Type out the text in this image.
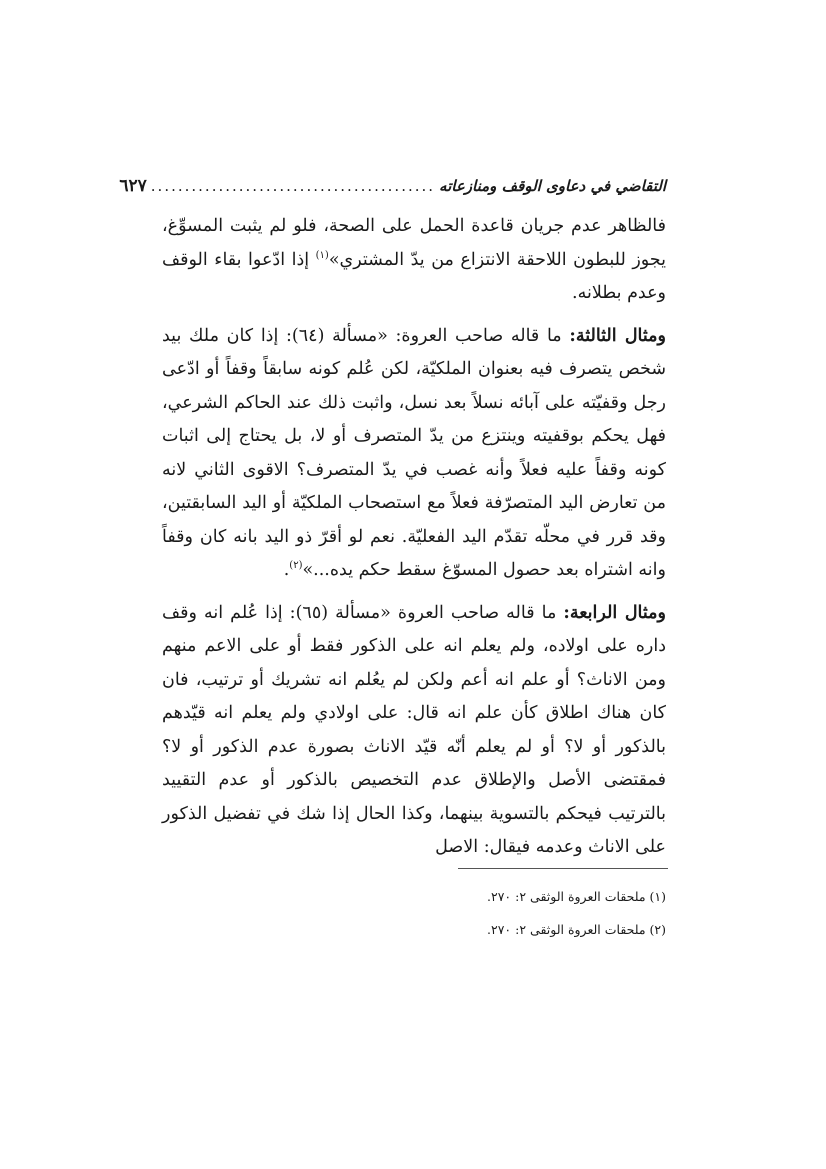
التقاضي في دعاوى الوقف ومنازعاته
..........................................
٦٢٧

فالظاهر عدم جريان قاعدة الحمل على الصحة، فلو لم يثبت المسوِّغ، يجوز للبطون اللاحقة الانتزاع من يدّ المشتري»$^{(١)}$ إذا ادّعوا بقاء الوقف وعدم بطلانه.

ومثال الثالثة: ما قاله صاحب العروة: «مسألة (٦٤): إذا كان ملك بيد شخص يتصرف فيه بعنوان الملكيّة، لكن عُلم كونه سابقاً وقفاً أو ادّعى رجل وقفيّته على آبائه نسلاً بعد نسل، واثبت ذلك عند الحاكم الشرعي، فهل يحكم بوقفيته وينتزع من يدّ المتصرف أو لا، بل يحتاج إلى اثبات كونه وقفاً عليه فعلاً وأنه غصب في يدّ المتصرف؟ الاقوى الثاني لانه من تعارض اليد المتصرّفة فعلاً مع استصحاب الملكيّة أو اليد السابقتين، وقد قرر في محلّه تقدّم اليد الفعليّة. نعم لو أقرّ ذو اليد بانه كان وقفاً وانه اشتراه بعد حصول المسوّغ سقط حكم يده...»$^{(٢)}$.

ومثال الرابعة: ما قاله صاحب العروة «مسألة (٦٥): إذا عُلم انه وقف داره على اولاده، ولم يعلم انه على الذكور فقط أو على الاعم منهم ومن الاناث؟ أو علم انه أعم ولكن لم يعُلم انه تشريك أو ترتيب، فان كان هناك اطلاق كأن علم انه قال: على اولادي ولم يعلم انه قيّدهم بالذكور أو لا؟ أو لم يعلم أنّه قيّد الاناث بصورة عدم الذكور أو لا؟ فمقتضى الأصل والإطلاق عدم التخصيص بالذكور أو عدم التقييد بالترتيب فيحكم بالتسوية بينهما، وكذا الحال إذا شك في تفضيل الذكور على الاناث وعدمه فيقال: الاصل

(١) ملحقات العروة الوثقى ٢: ٢٧٠.
(٢) ملحقات العروة الوثقى ٢: ٢٧٠.
